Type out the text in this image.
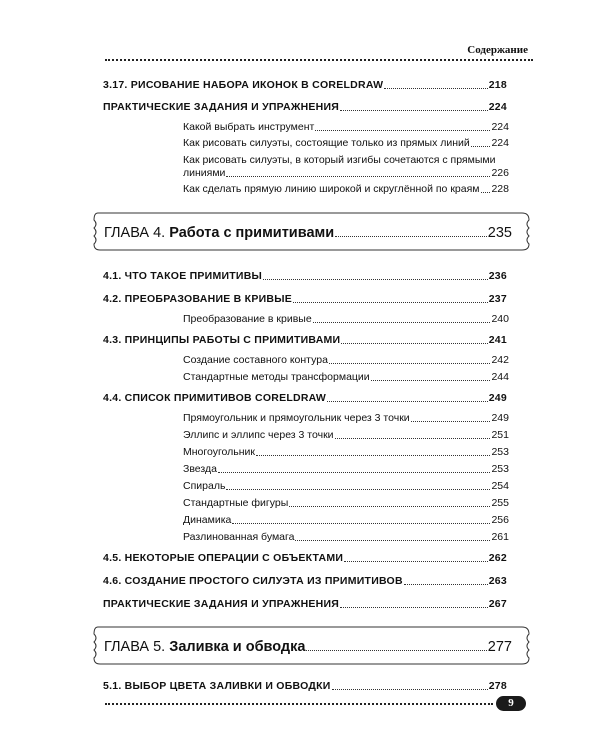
Содержание
3.17. РИСОВАНИЕ НАБОРА ИКОНОК В CORELDRAW	218
ПРАКТИЧЕСКИЕ ЗАДАНИЯ И УПРАЖНЕНИЯ	224
Какой выбрать инструмент	224
Как рисовать силуэты, состоящие только из прямых линий 224
Как рисовать силуэты, в который изгибы сочетаются с прямыми
линиями	226
Как сделать прямую линию широкой и скруглённой по краям 228
ГЛАВА 4. Работа с примитивами	235
4.1. ЧТО ТАКОЕ ПРИМИТИВЫ	236
4.2. ПРЕОБРАЗОВАНИЕ В КРИВЫЕ	237
Преобразование в кривые	240
4.3. ПРИНЦИПЫ РАБОТЫ С ПРИМИТИВАМИ	241
Создание составного контура	242
Стандартные методы трансформации	244
4.4. СПИСОК ПРИМИТИВОВ CORELDRAW	249
Прямоугольник и прямоугольник через 3 точки	249
Эллипс и эллипс через 3 точки	251
Многоугольник	253
Звезда	253
Спираль	254
Стандартные фигуры	255
Динамика	256
Разлинованная бумага	261
4.5. НЕКОТОРЫЕ ОПЕРАЦИИ С ОБЪЕКТАМИ	262
4.6. СОЗДАНИЕ ПРОСТОГО СИЛУЭТА ИЗ ПРИМИТИВОВ	263
ПРАКТИЧЕСКИЕ ЗАДАНИЯ И УПРАЖНЕНИЯ	267
ГЛАВА 5. Заливка и обводка	277
5.1. ВЫБОР ЦВЕТА ЗАЛИВКИ И ОБВОДКИ	278
9
